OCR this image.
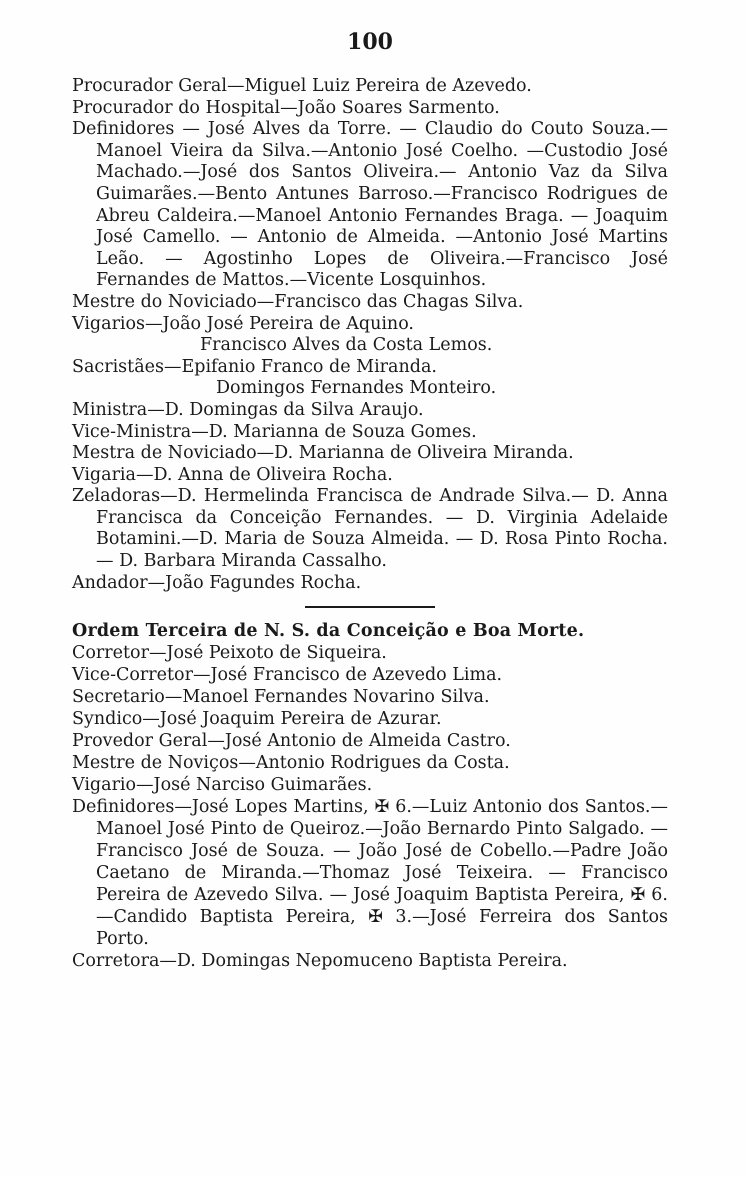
100

Procurador Geral—Miguel Luiz Pereira de Azevedo.

Procurador do Hospital—João Soares Sarmento.

Definidores — José Alves da Torre. — Claudio do Couto Souza.—Manoel Vieira da Silva.—Antonio José Coelho. —Custodio José Machado.—José dos Santos Oliveira.— Antonio Vaz da Silva Guimarães.—Bento Antunes Barroso.—Francisco Rodrigues de Abreu Caldeira.—Manoel Antonio Fernandes Braga. — Joaquim José Camello. — Antonio de Almeida. —Antonio José Martins Leão. — Agostinho Lopes de Oliveira.—Francisco José Fernandes de Mattos.—Vicente Losquinhos.

Mestre do Noviciado—Francisco das Chagas Silva.

Vigarios—João José Pereira de Aquino.
Francisco Alves da Costa Lemos.

Sacristães—Epifanio Franco de Miranda.
Domingos Fernandes Monteiro.

Ministra—D. Domingas da Silva Araujo.

Vice-Ministra—D. Marianna de Souza Gomes.

Mestra de Noviciado—D. Marianna de Oliveira Miranda.

Vigaria—D. Anna de Oliveira Rocha.

Zeladoras—D. Hermelinda Francisca de Andrade Silva.— D. Anna Francisca da Conceição Fernandes. — D. Virginia Adelaide Botamini.—D. Maria de Souza Almeida. — D. Rosa Pinto Rocha.— D. Barbara Miranda Cassalho.

Andador—João Fagundes Rocha.

Ordem Terceira de N. S. da Conceição e Boa Morte.

Corretor—José Peixoto de Siqueira.

Vice-Corretor—José Francisco de Azevedo Lima.

Secretario—Manoel Fernandes Novarino Silva.

Syndico—José Joaquim Pereira de Azurar.

Provedor Geral—José Antonio de Almeida Castro.

Mestre de Noviços—Antonio Rodrigues da Costa.

Vigario—José Narciso Guimarães.

Definidores—José Lopes Martins, ✠ 6.—Luiz Antonio dos Santos.—Manoel José Pinto de Queiroz.—João Bernardo Pinto Salgado. — Francisco José de Souza. — João José de Cobello.—Padre João Caetano de Miranda.—Thomaz José Teixeira. — Francisco Pereira de Azevedo Silva. — José Joaquim Baptista Pereira, ✠ 6.—Candido Baptista Pereira, ✠ 3.—José Ferreira dos Santos Porto.

Corretora—D. Domingas Nepomuceno Baptista Pereira.
